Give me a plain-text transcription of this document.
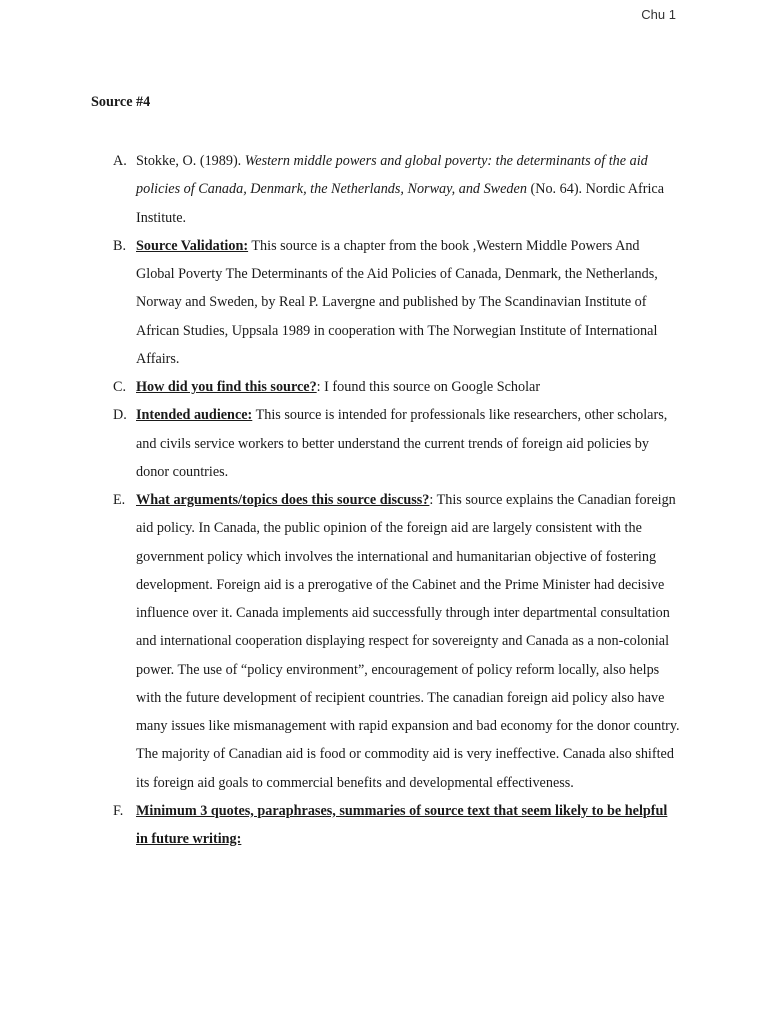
Chu 1
Source #4
A. Stokke, O. (1989). Western middle powers and global poverty: the determinants of the aid policies of Canada, Denmark, the Netherlands, Norway, and Sweden (No. 64). Nordic Africa Institute.
B. Source Validation: This source is a chapter from the book ,Western Middle Powers And Global Poverty The Determinants of the Aid Policies of Canada, Denmark, the Netherlands, Norway and Sweden, by Real P. Lavergne and published by The Scandinavian Institute of African Studies, Uppsala 1989 in cooperation with The Norwegian Institute of International Affairs.
C. How did you find this source?: I found this source on Google Scholar
D. Intended audience: This source is intended for professionals like researchers, other scholars, and civils service workers to better understand the current trends of foreign aid policies by donor countries.
E. What arguments/topics does this source discuss?: This source explains the Canadian foreign aid policy. In Canada, the public opinion of the foreign aid are largely consistent with the government policy which involves the international and humanitarian objective of fostering development. Foreign aid is a prerogative of the Cabinet and the Prime Minister had decisive influence over it. Canada implements aid successfully through inter departmental consultation and international cooperation displaying respect for sovereignty and Canada as a non-colonial power. The use of “policy environment”, encouragement of policy reform locally, also helps with the future development of recipient countries. The canadian foreign aid policy also have many issues like mismanagement with rapid expansion and bad economy for the donor country. The majority of Canadian aid is food or commodity aid is very ineffective. Canada also shifted its foreign aid goals to commercial benefits and developmental effectiveness.
F. Minimum 3 quotes, paraphrases, summaries of source text that seem likely to be helpful in future writing:
